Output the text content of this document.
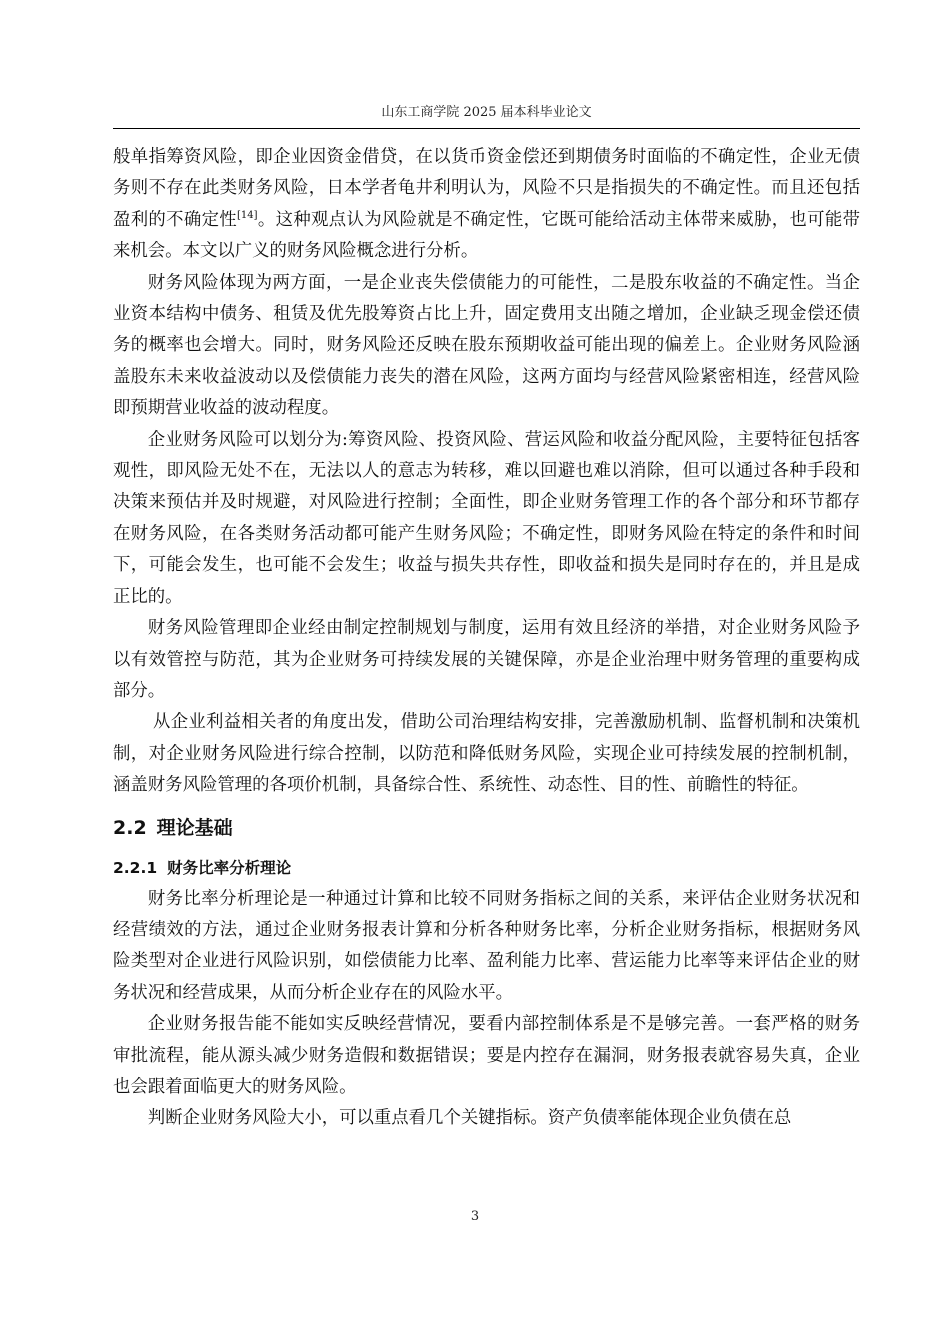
山东工商学院 2025 届本科毕业论文

般单指筹资风险，即企业因资金借贷，在以货币资金偿还到期债务时面临的不确定性，企业无债务则不存在此类财务风险，日本学者龟井利明认为，风险不只是指损失的不确定性。而且还包括盈利的不确定性[14]。这种观点认为风险就是不确定性，它既可能给活动主体带来威胁，也可能带来机会。本文以广义的财务风险概念进行分析。

财务风险体现为两方面，一是企业丧失偿债能力的可能性，二是股东收益的不确定性。当企业资本结构中债务、租赁及优先股筹资占比上升，固定费用支出随之增加，企业缺乏现金偿还债务的概率也会增大。同时，财务风险还反映在股东预期收益可能出现的偏差上。企业财务风险涵盖股东未来收益波动以及偿债能力丧失的潜在风险，这两方面均与经营风险紧密相连，经营风险即预期营业收益的波动程度。

企业财务风险可以划分为:筹资风险、投资风险、营运风险和收益分配风险，主要特征包括客观性，即风险无处不在，无法以人的意志为转移，难以回避也难以消除，但可以通过各种手段和决策来预估并及时规避，对风险进行控制；全面性，即企业财务管理工作的各个部分和环节都存在财务风险，在各类财务活动都可能产生财务风险；不确定性，即财务风险在特定的条件和时间下，可能会发生，也可能不会发生；收益与损失共存性，即收益和损失是同时存在的，并且是成正比的。

财务风险管理即企业经由制定控制规划与制度，运用有效且经济的举措，对企业财务风险予以有效管控与防范，其为企业财务可持续发展的关键保障，亦是企业治理中财务管理的重要构成部分。

从企业利益相关者的角度出发，借助公司治理结构安排，完善激励机制、监督机制和决策机制，对企业财务风险进行综合控制，以防范和降低财务风险，实现企业可持续发展的控制机制，涵盖财务风险管理的各项价机制，具备综合性、系统性、动态性、目的性、前瞻性的特征。

2.2 理论基础
2.2.1 财务比率分析理论

财务比率分析理论是一种通过计算和比较不同财务指标之间的关系，来评估企业财务状况和经营绩效的方法，通过企业财务报表计算和分析各种财务比率，分析企业财务指标，根据财务风险类型对企业进行风险识别，如偿债能力比率、盈利能力比率、营运能力比率等来评估企业的财务状况和经营成果，从而分析企业存在的风险水平。

企业财务报告能不能如实反映经营情况，要看内部控制体系是不是够完善。一套严格的财务审批流程，能从源头减少财务造假和数据错误；要是内控存在漏洞，财务报表就容易失真，企业也会跟着面临更大的财务风险。

判断企业财务风险大小，可以重点看几个关键指标。资产负债率能体现企业负债在总

3
